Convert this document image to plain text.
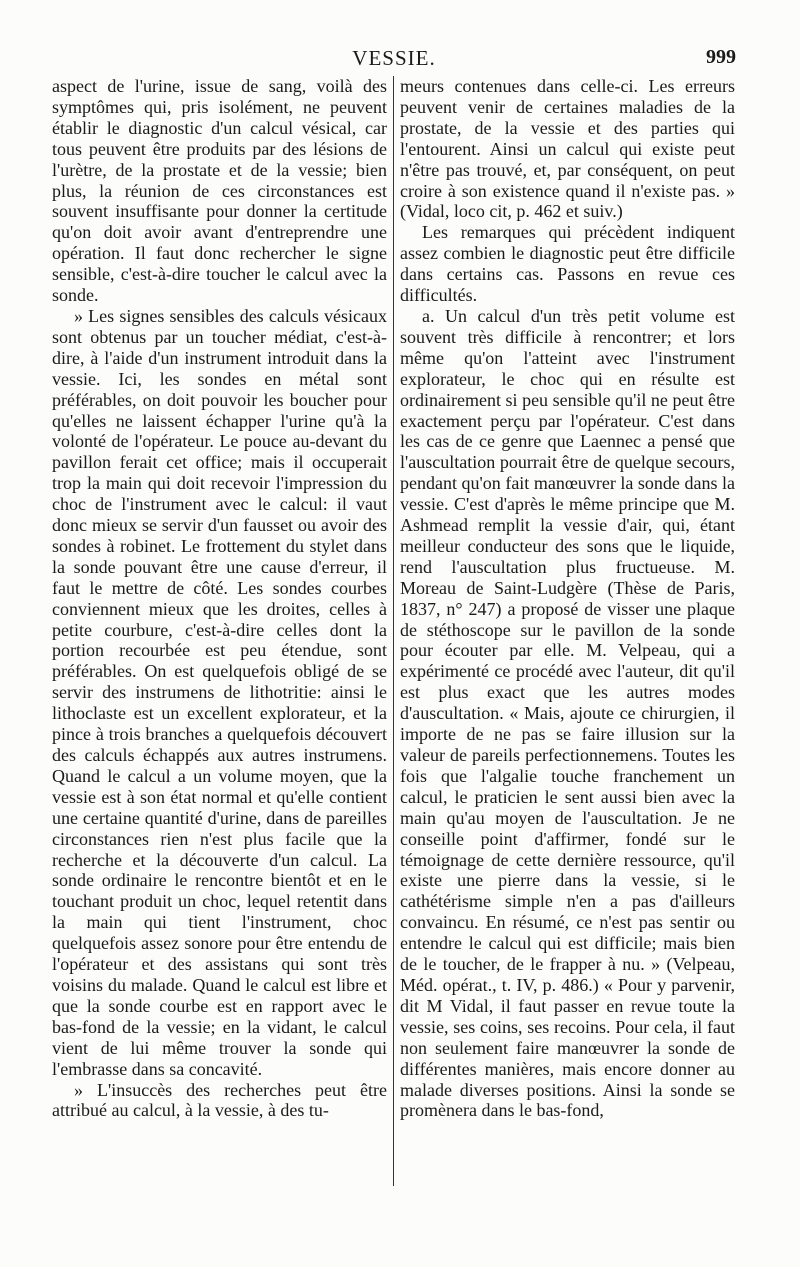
VESSIE.	999

aspect de l'urine, issue de sang, voilà des symptômes qui, pris isolément, ne peuvent établir le diagnostic d'un calcul vésical, car tous peuvent être produits par des lésions de l'urètre, de la prostate et de la vessie; bien plus, la réunion de ces circonstances est souvent insuffisante pour donner la certitude qu'on doit avoir avant d'entreprendre une opération. Il faut donc rechercher le signe sensible, c'est-à-dire toucher le calcul avec la sonde.

» Les signes sensibles des calculs vésicaux sont obtenus par un toucher médiat, c'est-à-dire, à l'aide d'un instrument introduit dans la vessie. Ici, les sondes en métal sont préférables, on doit pouvoir les boucher pour qu'elles ne laissent échapper l'urine qu'à la volonté de l'opérateur. Le pouce au-devant du pavillon ferait cet office; mais il occuperait trop la main qui doit recevoir l'impression du choc de l'instrument avec le calcul: il vaut donc mieux se servir d'un fausset ou avoir des sondes à robinet. Le frottement du stylet dans la sonde pouvant être une cause d'erreur, il faut le mettre de côté. Les sondes courbes conviennent mieux que les droites, celles à petite courbure, c'est-à-dire celles dont la portion recourbée est peu étendue, sont préférables. On est quelquefois obligé de se servir des instrumens de lithotritie: ainsi le lithoclaste est un excellent explorateur, et la pince à trois branches a quelquefois découvert des calculs échappés aux autres instrumens. Quand le calcul a un volume moyen, que la vessie est à son état normal et qu'elle contient une certaine quantité d'urine, dans de pareilles circonstances rien n'est plus facile que la recherche et la découverte d'un calcul. La sonde ordinaire le rencontre bientôt et en le touchant produit un choc, lequel retentit dans la main qui tient l'instrument, choc quelquefois assez sonore pour être entendu de l'opérateur et des assistans qui sont très voisins du malade. Quand le calcul est libre et que la sonde courbe est en rapport avec le bas-fond de la vessie; en la vidant, le calcul vient de lui même trouver la sonde qui l'embrasse dans sa concavité.

» L'insuccès des recherches peut être attribué au calcul, à la vessie, à des tu-

meurs contenues dans celle-ci. Les erreurs peuvent venir de certaines maladies de la prostate, de la vessie et des parties qui l'entourent. Ainsi un calcul qui existe peut n'être pas trouvé, et, par conséquent, on peut croire à son existence quand il n'existe pas. » (Vidal, loco cit, p. 462 et suiv.)

Les remarques qui précèdent indiquent assez combien le diagnostic peut être difficile dans certains cas. Passons en revue ces difficultés.

a. Un calcul d'un très petit volume est souvent très difficile à rencontrer; et lors même qu'on l'atteint avec l'instrument explorateur, le choc qui en résulte est ordinairement si peu sensible qu'il ne peut être exactement perçu par l'opérateur. C'est dans les cas de ce genre que Laennec a pensé que l'auscultation pourrait être de quelque secours, pendant qu'on fait manœuvrer la sonde dans la vessie. C'est d'après le même principe que M. Ashmead remplit la vessie d'air, qui, étant meilleur conducteur des sons que le liquide, rend l'auscultation plus fructueuse. M. Moreau de Saint-Ludgère (Thèse de Paris, 1837, n° 247) a proposé de visser une plaque de stéthoscope sur le pavillon de la sonde pour écouter par elle. M. Velpeau, qui a expérimenté ce procédé avec l'auteur, dit qu'il est plus exact que les autres modes d'auscultation. « Mais, ajoute ce chirurgien, il importe de ne pas se faire illusion sur la valeur de pareils perfectionnemens. Toutes les fois que l'algalie touche franchement un calcul, le praticien le sent aussi bien avec la main qu'au moyen de l'auscultation. Je ne conseille point d'affirmer, fondé sur le témoignage de cette dernière ressource, qu'il existe une pierre dans la vessie, si le cathétérisme simple n'en a pas d'ailleurs convaincu. En résumé, ce n'est pas sentir ou entendre le calcul qui est difficile; mais bien de le toucher, de le frapper à nu. » (Velpeau, Méd. opérat., t. IV, p. 486.) « Pour y parvenir, dit M Vidal, il faut passer en revue toute la vessie, ses coins, ses recoins. Pour cela, il faut non seulement faire manœuvrer la sonde de différentes manières, mais encore donner au malade diverses positions. Ainsi la sonde se promènera dans le bas-fond,
